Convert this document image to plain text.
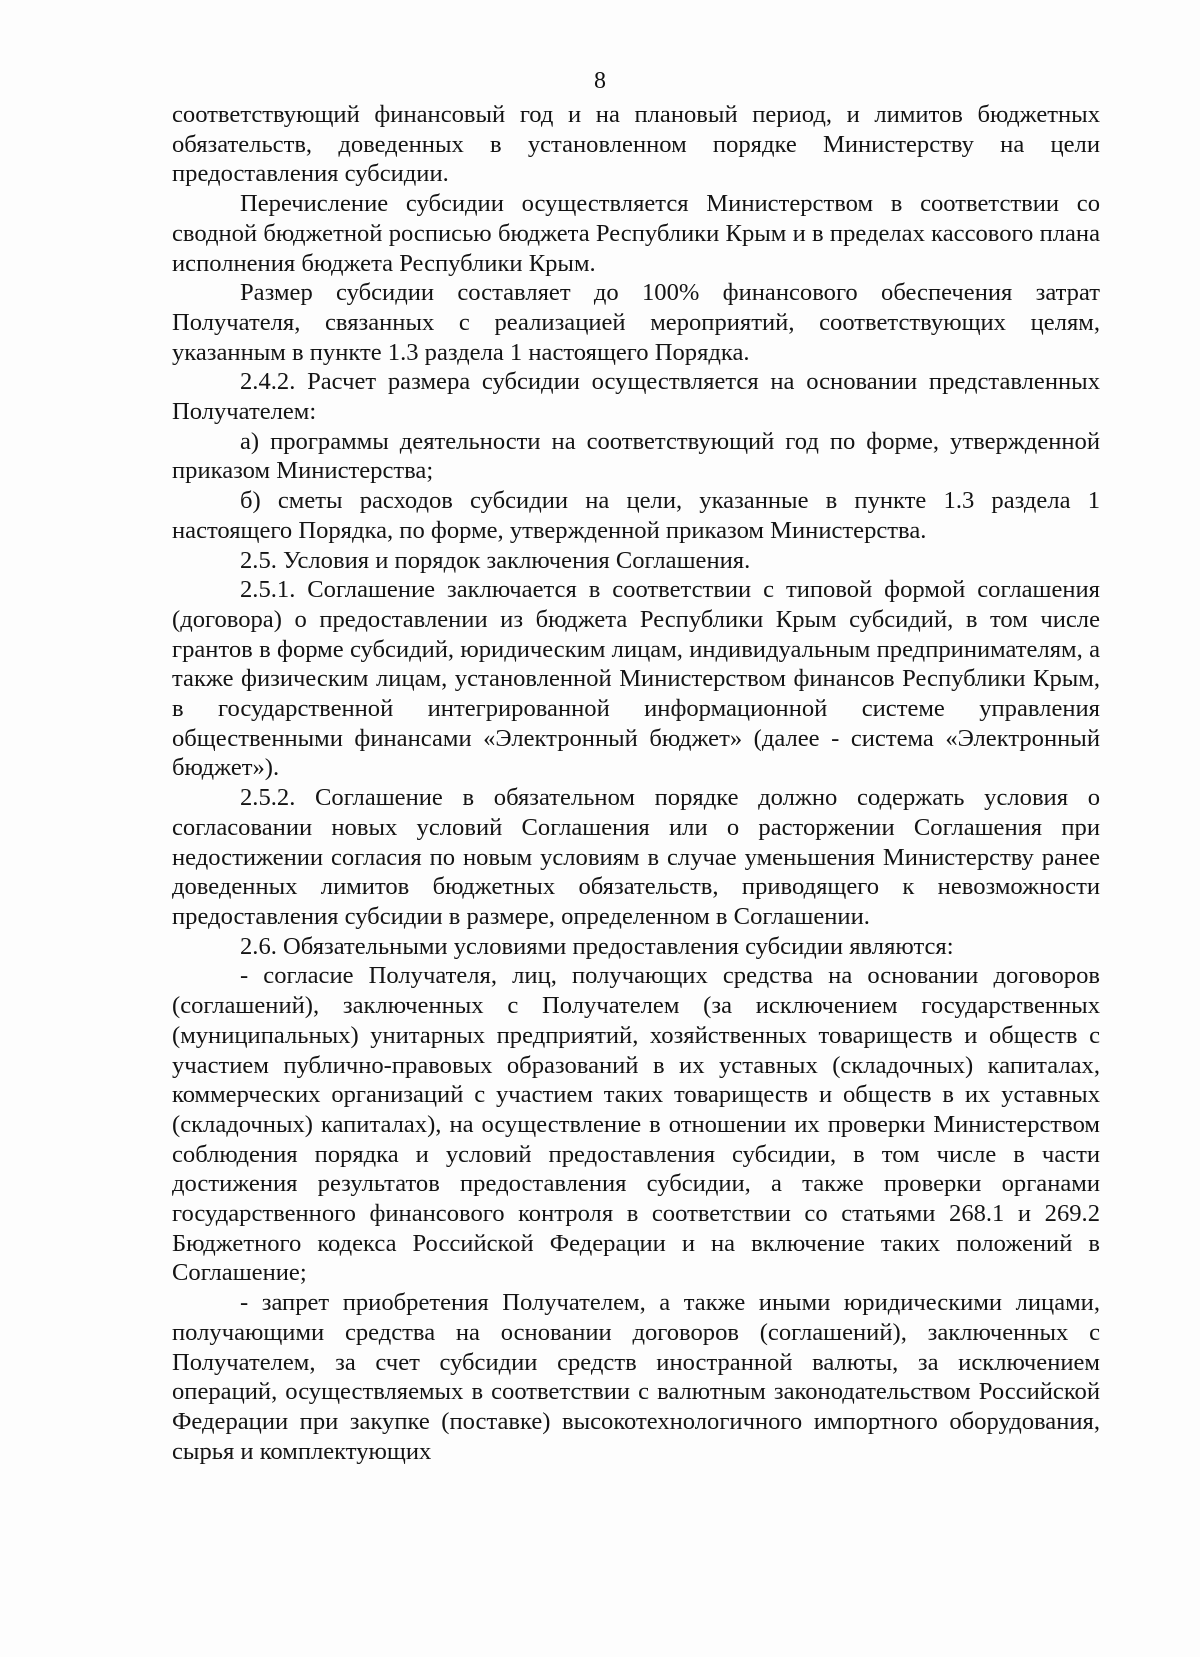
8

соответствующий финансовый год и на плановый период, и лимитов бюджетных обязательств, доведенных в установленном порядке Министерству на цели предоставления субсидии.

Перечисление субсидии осуществляется Министерством в соответствии со сводной бюджетной росписью бюджета Республики Крым и в пределах кассового плана исполнения бюджета Республики Крым.

Размер субсидии составляет до 100% финансового обеспечения затрат Получателя, связанных с реализацией мероприятий, соответствующих целям, указанным в пункте 1.3 раздела 1 настоящего Порядка.

2.4.2. Расчет размера субсидии осуществляется на основании представленных Получателем:

а) программы деятельности на соответствующий год по форме, утвержденной приказом Министерства;

б) сметы расходов субсидии на цели, указанные в пункте 1.3 раздела 1 настоящего Порядка, по форме, утвержденной приказом Министерства.

2.5. Условия и порядок заключения Соглашения.

2.5.1. Соглашение заключается в соответствии с типовой формой соглашения (договора) о предоставлении из бюджета Республики Крым субсидий, в том числе грантов в форме субсидий, юридическим лицам, индивидуальным предпринимателям, а также физическим лицам, установленной Министерством финансов Республики Крым, в государственной интегрированной информационной системе управления общественными финансами «Электронный бюджет» (далее - система «Электронный бюджет»).

2.5.2. Соглашение в обязательном порядке должно содержать условия о согласовании новых условий Соглашения или о расторжении Соглашения при недостижении согласия по новым условиям в случае уменьшения Министерству ранее доведенных лимитов бюджетных обязательств, приводящего к невозможности предоставления субсидии в размере, определенном в Соглашении.

2.6. Обязательными условиями предоставления субсидии являются:

- согласие Получателя, лиц, получающих средства на основании договоров (соглашений), заключенных с Получателем (за исключением государственных (муниципальных) унитарных предприятий, хозяйственных товариществ и обществ с участием публично-правовых образований в их уставных (складочных) капиталах, коммерческих организаций с участием таких товариществ и обществ в их уставных (складочных) капиталах), на осуществление в отношении их проверки Министерством соблюдения порядка и условий предоставления субсидии, в том числе в части достижения результатов предоставления субсидии, а также проверки органами государственного финансового контроля в соответствии со статьями 268.1 и 269.2 Бюджетного кодекса Российской Федерации и на включение таких положений в Соглашение;

- запрет приобретения Получателем, а также иными юридическими лицами, получающими средства на основании договоров (соглашений), заключенных с Получателем, за счет субсидии средств иностранной валюты, за исключением операций, осуществляемых в соответствии с валютным законодательством Российской Федерации при закупке (поставке) высокотехнологичного импортного оборудования, сырья и комплектующих
